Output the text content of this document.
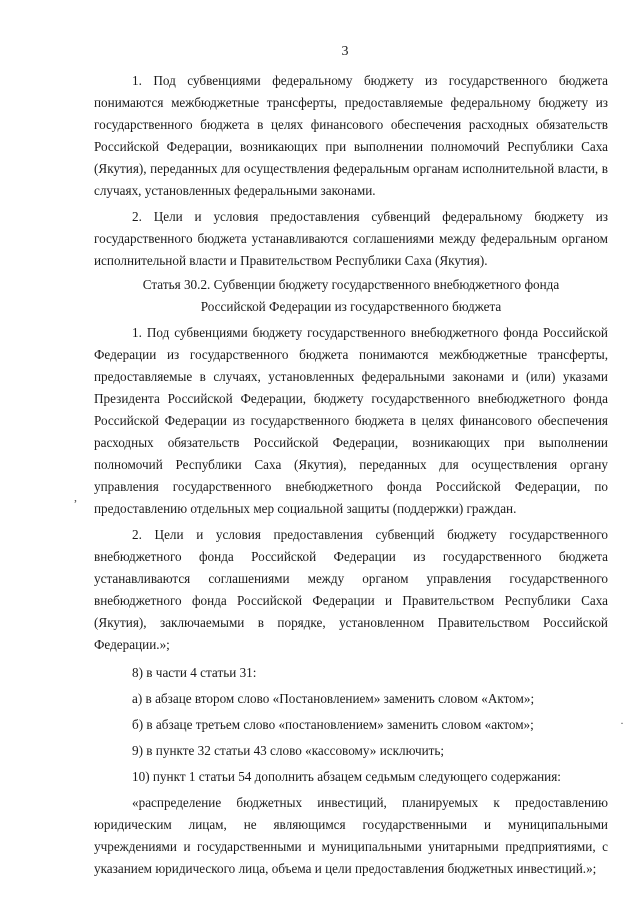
3

1. Под субвенциями федеральному бюджету из государственного бюджета понимаются межбюджетные трансферты, предоставляемые федеральному бюджету из государственного бюджета в целях финансового обеспечения расходных обязательств Российской Федерации, возникающих при выполнении полномочий Республики Саха (Якутия), переданных для осуществления федеральным органам исполнительной власти, в случаях, установленных федеральными законами.

2. Цели и условия предоставления субвенций федеральному бюджету из государственного бюджета устанавливаются соглашениями между федеральным органом исполнительной власти и Правительством Республики Саха (Якутия).

Статья 30.2. Субвенции бюджету государственного внебюджетного фонда
Российской Федерации из государственного бюджета

1. Под субвенциями бюджету государственного внебюджетного фонда Российской Федерации из государственного бюджета понимаются межбюджетные трансферты, предоставляемые в случаях, установленных федеральными законами и (или) указами Президента Российской Федерации, бюджету государственного внебюджетного фонда Российской Федерации из государственного бюджета в целях финансового обеспечения расходных обязательств Российской Федерации, возникающих при выполнении полномочий Республики Саха (Якутия), переданных для осуществления органу управления государственного внебюджетного фонда Российской Федерации, по предоставлению отдельных мер социальной защиты (поддержки) граждан.

2. Цели и условия предоставления субвенций бюджету государственного внебюджетного фонда Российской Федерации из государственного бюджета устанавливаются соглашениями между органом управления государственного внебюджетного фонда Российской Федерации и Правительством Республики Саха (Якутия), заключаемыми в порядке, установленном Правительством Российской Федерации.»;

8) в части 4 статьи 31:

а) в абзаце втором слово «Постановлением» заменить словом «Актом»;

б) в абзаце третьем слово «постановлением» заменить словом «актом»;

9) в пункте 32 статьи 43 слово «кассовому» исключить;

10) пункт 1 статьи 54 дополнить абзацем седьмым следующего содержания:

«распределение бюджетных инвестиций, планируемых к предоставлению юридическим лицам, не являющимся государственными и муниципальными учреждениями и государственными и муниципальными унитарными предприятиями, с указанием юридического лица, объема и цели предоставления бюджетных инвестиций.»;

,
·
